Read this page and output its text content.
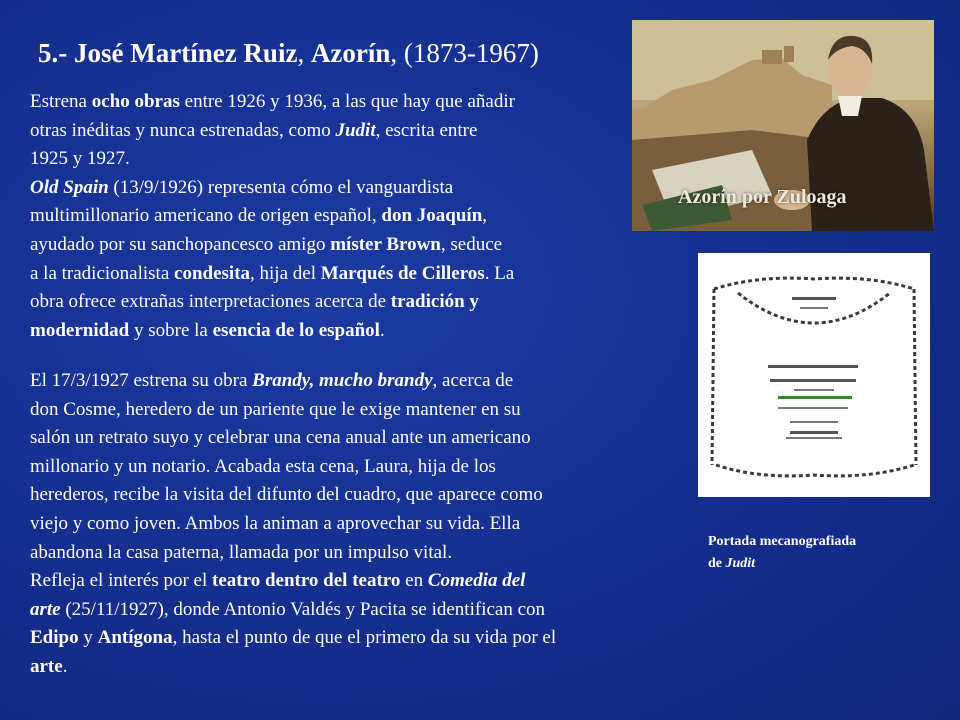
5.- José Martínez Ruiz, Azorín, (1873-1967)

Estrena ocho obras entre 1926 y 1936, a las que hay que añadir
otras inéditas y nunca estrenadas, como Judit, escrita entre
1925 y 1927.
Old Spain (13/9/1926) representa cómo el vanguardista
multimillonario americano de origen español, don Joaquín,
ayudado por su sanchopancesco amigo míster Brown, seduce
a la tradicionalista condesita, hija del Marqués de Cilleros. La
obra ofrece extrañas interpretaciones acerca de tradición y
modernidad y sobre la esencia de lo español.

El 17/3/1927 estrena su obra Brandy, mucho brandy, acerca de
don Cosme, heredero de un pariente que le exige mantener en su
salón un retrato suyo y celebrar una cena anual ante un americano
millonario y un notario. Acabada esta cena, Laura, hija de los
herederos, recibe la visita del difunto del cuadro, que aparece como
viejo y como joven. Ambos la animan a aprovechar su vida. Ella
abandona la casa paterna, llamada por un impulso vital.
Refleja el interés por el teatro dentro del teatro en Comedia del
arte (25/11/1927), donde Antonio Valdés y Pacita se identifican con
Edipo y Antígona, hasta el punto de que el primero da su vida por el
arte.

Azorín por Zuloaga
Portada mecanografiada
de Judit
